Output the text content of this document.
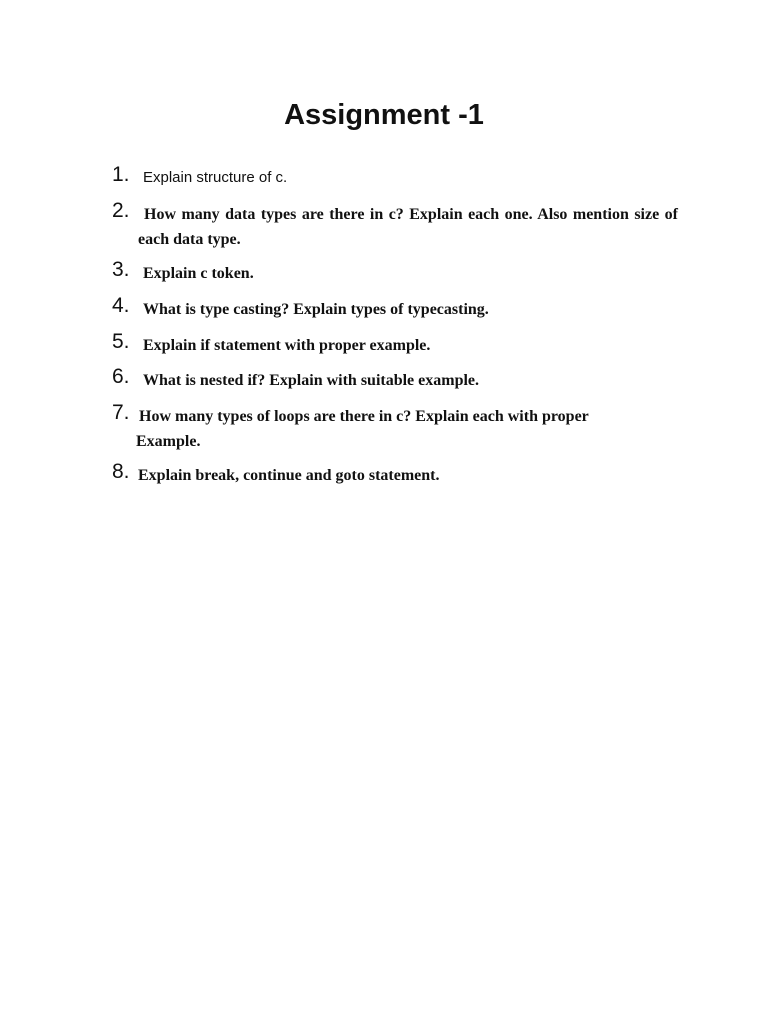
Assignment -1
1. Explain structure of c.
2. How many data types are there in c? Explain each one. Also mention size of each data type.
3. Explain c token.
4. What is type casting? Explain types of typecasting.
5. Explain if statement with proper example.
6. What is nested if? Explain with suitable example.
7. How many types of loops are there in c? Explain each with proper Example.
8. Explain break, continue and goto statement.
